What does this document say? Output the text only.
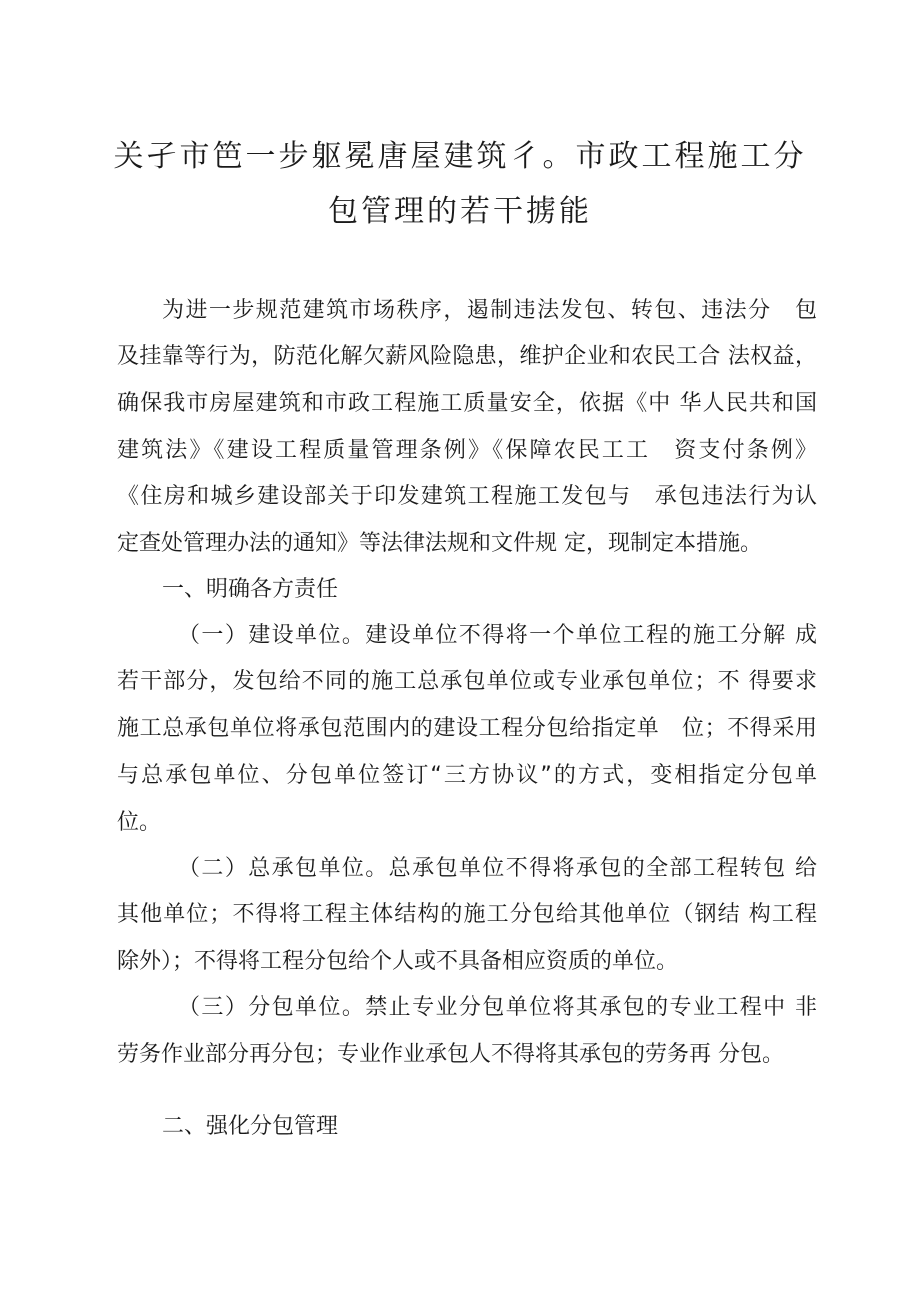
关孑市笆一步躯冕唐屋建筑彳。市政工程施工分
包管理的若干掳能
为进一步规范建筑市场秩序，遏制违法发包、转包、违法分　包
及挂靠等行为，防范化解欠薪风险隐患，维护企业和农民工合 法权益，
确保我市房屋建筑和市政工程施工质量安全，依据《中 华人民共和国
建筑法》《建设工程质量管理条例》《保障农民工工　资支付条例》
《住房和城乡建设部关于印发建筑工程施工发包与　承包违法行为认
定查处管理办法的通知》等法律法规和文件规 定，现制定本措施。
一、明确各方责任
（一）建设单位。建设单位不得将一个单位工程的施工分解 成
若干部分，发包给不同的施工总承包单位或专业承包单位；不 得要求
施工总承包单位将承包范围内的建设工程分包给指定单　位；不得采用
与总承包单位、分包单位签订“三方协议”的方式，变相指定分包单
位。
（二）总承包单位。总承包单位不得将承包的全部工程转包 给
其他单位；不得将工程主体结构的施工分包给其他单位（钢结 构工程
除外）；不得将工程分包给个人或不具备相应资质的单位。
（三）分包单位。禁止专业分包单位将其承包的专业工程中 非
劳务作业部分再分包；专业作业承包人不得将其承包的劳务再 分包。
二、强化分包管理
